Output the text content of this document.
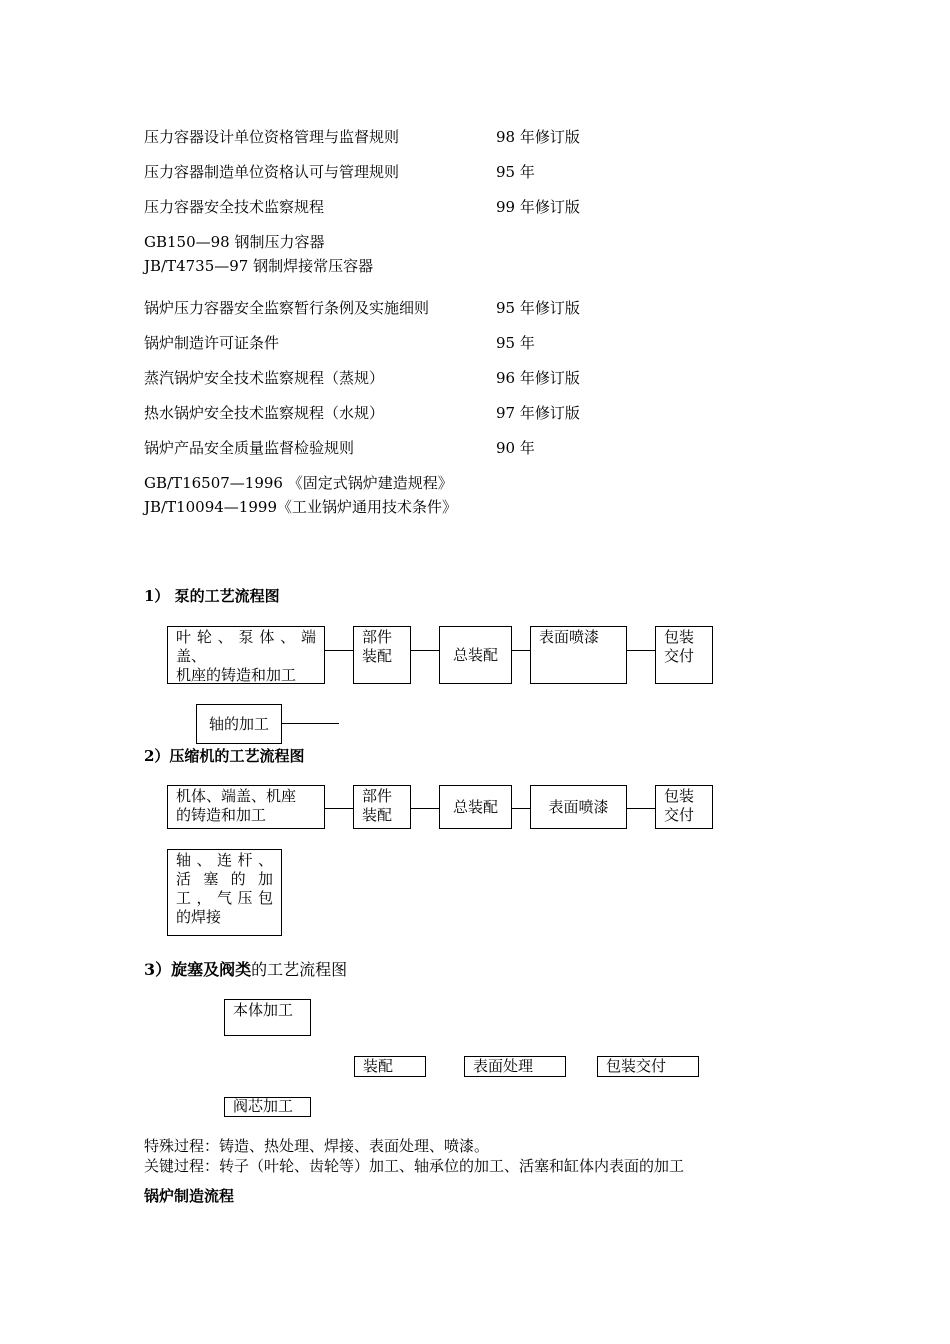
压力容器设计单位资格管理与监督规则	98 年修订版
压力容器制造单位资格认可与管理规则	95 年
压力容器安全技术监察规程	99 年修订版
GB150—98 钢制压力容器
JB/T4735—97 钢制焊接常压容器
锅炉压力容器安全监察暂行条例及实施细则	95 年修订版
锅炉制造许可证条件	95 年
蒸汽锅炉安全技术监察规程（蒸规）	96 年修订版
热水锅炉安全技术监察规程（水规）	97 年修订版
锅炉产品安全质量监督检验规则	90 年
GB/T16507—1996 《固定式锅炉建造规程》
JB/T10094—1999《工业锅炉通用技术条件》
1） 泵的工艺流程图
叶 轮 、 泵 体 、 端
盖、
机座的铸造和加工
部件
装配	总装配
表面喷漆	包装
交付
轴的加工
2）压缩机的工艺流程图
机体、端盖、机座
的铸造和加工
部件
装配	总装配	表面喷漆
包装
交付
轴 、 连 杆 、
活 塞 的 加
工 ， 气 压 包
的焊接
3）旋塞及阀类的工艺流程图
本体加工
装配	表面处理	包装交付
阀芯加工
特殊过程：铸造、热处理、焊接、表面处理、喷漆。
关键过程：转子（叶轮、齿轮等）加工、轴承位的加工、活塞和缸体内表面的加工
锅炉制造流程
